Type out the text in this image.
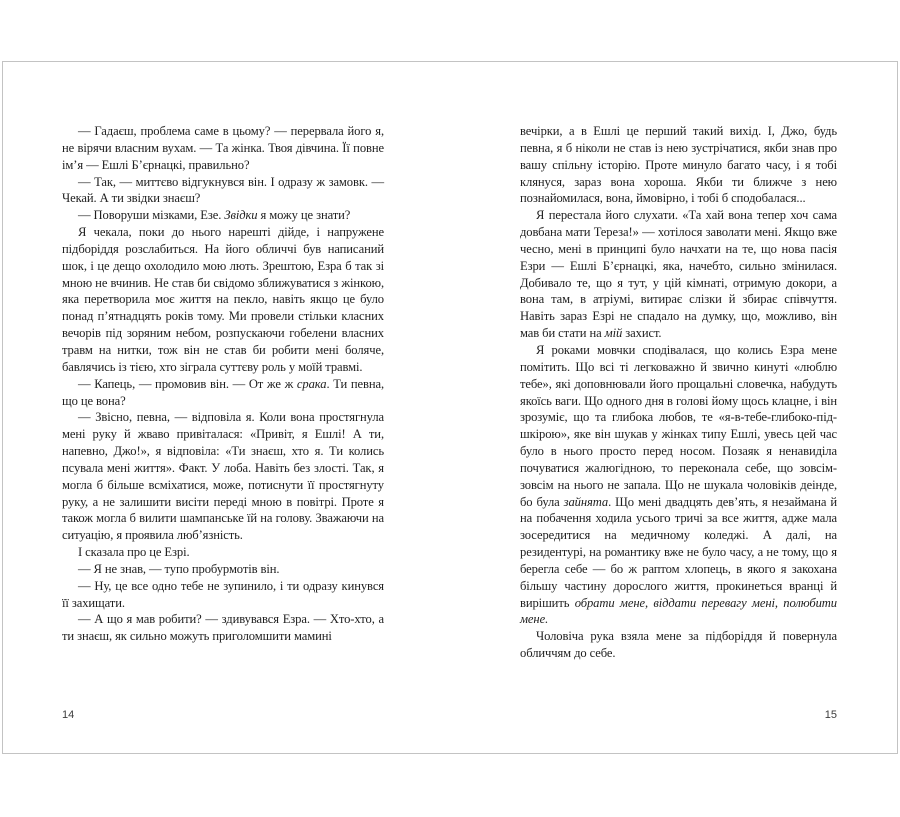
— Гадаєш, проблема саме в цьому? — перервала його я, не вірячи власним вухам. — Та жінка. Твоя дівчина. Її повне ім’я — Ешлі Б’єрнацкі, правильно?

— Так, — миттєво відгукнувся він. І одразу ж замовк. — Чекай. А ти звідки знаєш?

— Поворуши мізками, Езе. Звідки я можу це знати?

Я чекала, поки до нього нарешті дійде, і напружене підборіддя розслабиться. На його обличчі був написаний шок, і це дещо охолодило мою лють. Зрештою, Езра б так зі мною не вчинив. Не став би свідомо зближуватися з жінкою, яка перетворила моє життя на пекло, навіть якщо це було понад п’ятнадцять років тому. Ми провели стільки класних вечорів під зоряним небом, розпускаючи гобелени власних травм на нитки, тож він не став би робити мені боляче, бавлячись із тією, хто зіграла суттєву роль у моїй травмі.

— Капець, — промовив він. — От же ж срака. Ти певна, що це вона?

— Звісно, певна, — відповіла я. Коли вона простягнула мені руку й жваво привіталася: «Привіт, я Ешлі! А ти, напевно, Джо!», я відповіла: «Ти знаєш, хто я. Ти колись псувала мені життя». Факт. У лоба. Навіть без злості. Так, я могла б більше всміхатися, може, потиснути її простягнуту руку, а не залишити висіти переді мною в повітрі. Проте я також могла б вилити шампанське їй на голову. Зважаючи на ситуацію, я проявила люб’язність.

І сказала про це Езрі.

— Я не знав, — тупо пробурмотів він.

— Ну, це все одно тебе не зупинило, і ти одразу кинувся її захищати.

— А що я мав робити? — здивувався Езра. — Хто-хто, а ти знаєш, як сильно можуть приголомшити мамині

14

вечірки, а в Ешлі це перший такий вихід. І, Джо, будь певна, я б ніколи не став із нею зустрічатися, якби знав про вашу спільну історію. Проте минуло багато часу, і я тобі клянуся, зараз вона хороша. Якби ти ближче з нею познайомилася, вона, ймовірно, і тобі б сподобалася...

Я перестала його слухати. «Та хай вона тепер хоч сама довбана мати Тереза!» — хотілося заволати мені. Якщо вже чесно, мені в принципі було начхати на те, що нова пасія Езри — Ешлі Б’єрнацкі, яка, начебто, сильно змінилася. Добивало те, що я тут, у цій кімнаті, отримую докори, а вона там, в атріумі, витирає слізки й збирає співчуття. Навіть зараз Езрі не спадало на думку, що, можливо, він мав би стати на мій захист.

Я роками мовчки сподівалася, що колись Езра мене помітить. Що всі ті легковажно й звично кинуті «люблю тебе», які доповнювали його прощальні словечка, набудуть якоїсь ваги. Що одного дня в голові йому щось клацне, і він зрозуміє, що та глибока любов, те «я-в-тебе-глибоко-під-шкірою», яке він шукав у жінках типу Ешлі, увесь цей час було в нього просто перед носом. Позаяк я ненавиділа почуватися жалюгідною, то переконала себе, що зовсім-зовсім на нього не запала. Що не шукала чоловіків деінде, бо була зайнята. Що мені двадцять дев’ять, я незаймана й на побачення ходила усього тричі за все життя, адже мала зосередитися на медичному коледжі. А далі, на резидентурі, на романтику вже не було часу, а не тому, що я берегла себе — бо ж раптом хлопець, в якого я закохана більшу частину дорослого життя, прокинеться вранці й вирішить обрати мене, віддати перевагу мені, полюбити мене.

Чоловіча рука взяла мене за підборіддя й повернула обличчям до себе.

15
